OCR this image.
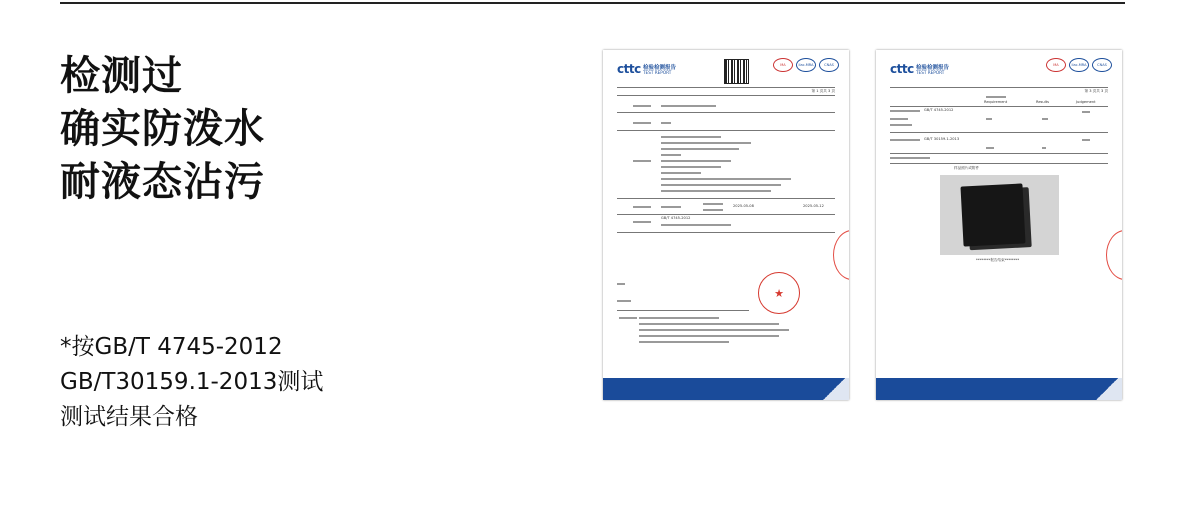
检测过
确实防泼水
耐液态沾污
*按GB/T 4745-2012
GB/T30159.1-2013测试
测试结果合格
cttc 检验检测报告
TEST REPORT
MA	ilac-MRA	CNAS
第 1 页共 3 页
2025-05-08	2025-05-12
GB/T 4745-2012
★
cttc 检验检测报告
TEST REPORT
MA	ilac-MRA	CNAS
第 3 页共 3 页
Requirement	Results	Judgement
GB/T 4745-2012
GB/T 30159.1-2013
样品照片或附件
********报告结束********
